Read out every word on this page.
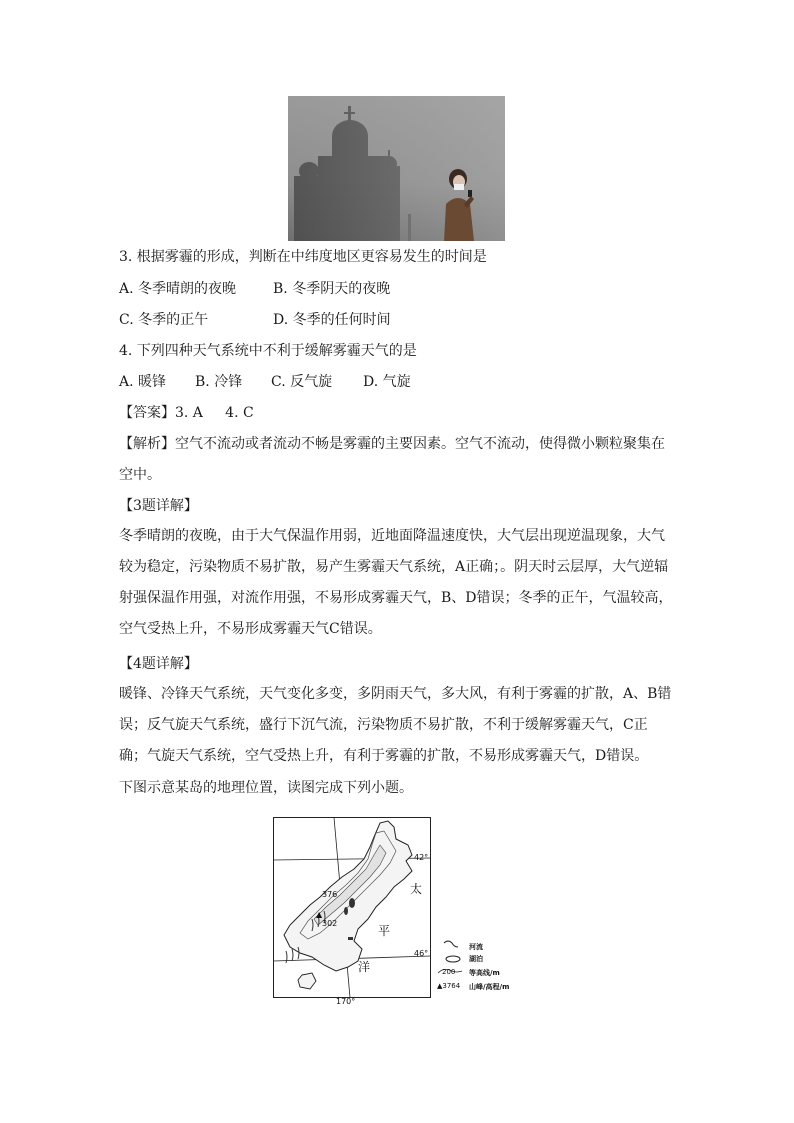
3. 根据雾霾的形成，判断在中纬度地区更容易发生的时间是
A. 冬季晴朗的夜晚	B. 冬季阴天的夜晚
C. 冬季的正午	D. 冬季的任何时间
4. 下列四种天气系统中不利于缓解雾霾天气的是
A. 暖锋 B. 冷锋 C. 反气旋 D. 气旋
【答案】3. A     4. C
【解析】空气不流动或者流动不畅是雾霾的主要因素。空气不流动，使得微小颗粒聚集在空中。
【3题详解】
冬季晴朗的夜晚，由于大气保温作用弱，近地面降温速度快，大气层出现逆温现象，大气较为稳定，污染物质不易扩散，易产生雾霾天气系统，A正确；。阴天时云层厚，大气逆辐射强保温作用强，对流作用强，不易形成雾霾天气，B、D错误；冬季的正午，气温较高，空气受热上升，不易形成雾霾天气C错误。
【4题详解】
暖锋、冷锋天气系统，天气变化多变，多阴雨天气，多大风，有利于雾霾的扩散，A、B错误；反气旋天气系统，盛行下沉气流，污染物质不易扩散，不利于缓解雾霾天气，C正确；气旋天气系统，空气受热上升，有利于雾霾的扩散，不易形成雾霾天气，D错误。
下图示意某岛的地理位置，读图完成下列小题。
▲
376
302
42°
46°
170°
太
平
洋
河流
湖泊
200 等高线/m
▲3764 山峰/高程/m
